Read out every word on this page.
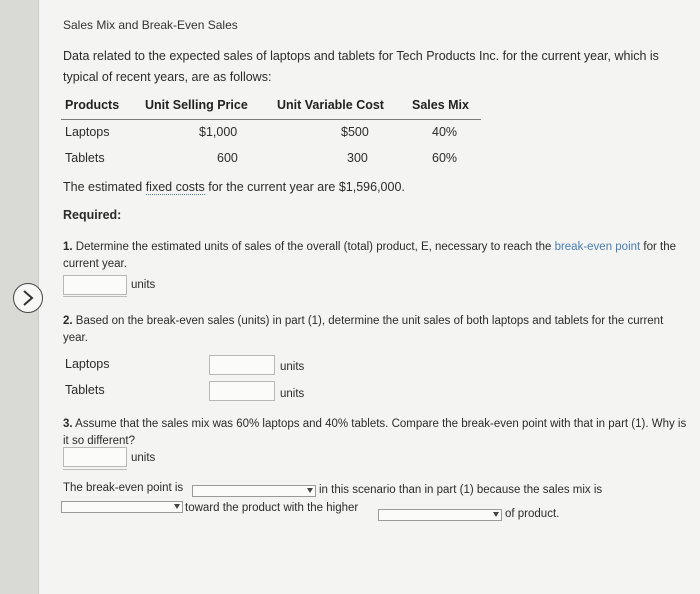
Sales Mix and Break-Even Sales
Data related to the expected sales of laptops and tablets for Tech Products Inc. for the current year, which is typical of recent years, are as follows:
Products Unit Selling Price Unit Variable Cost Sales Mix
Laptops	$1,000	$500	40%
Tablets	600	300	60%
The estimated fixed costs for the current year are $1,596,000.
Required:
1. Determine the estimated units of sales of the overall (total) product, E, necessary to reach the break-even point for the current year.
units
2. Based on the break-even sales (units) in part (1), determine the unit sales of both laptops and tablets for the current year.
Laptops	units
Tablets	units
3. Assume that the sales mix was 60% laptops and 40% tablets. Compare the break-even point with that in part (1). Why is it so different?
units
The break-even point is	in this scenario than in part (1) because the sales mix is
toward the product with the higher	of product.
